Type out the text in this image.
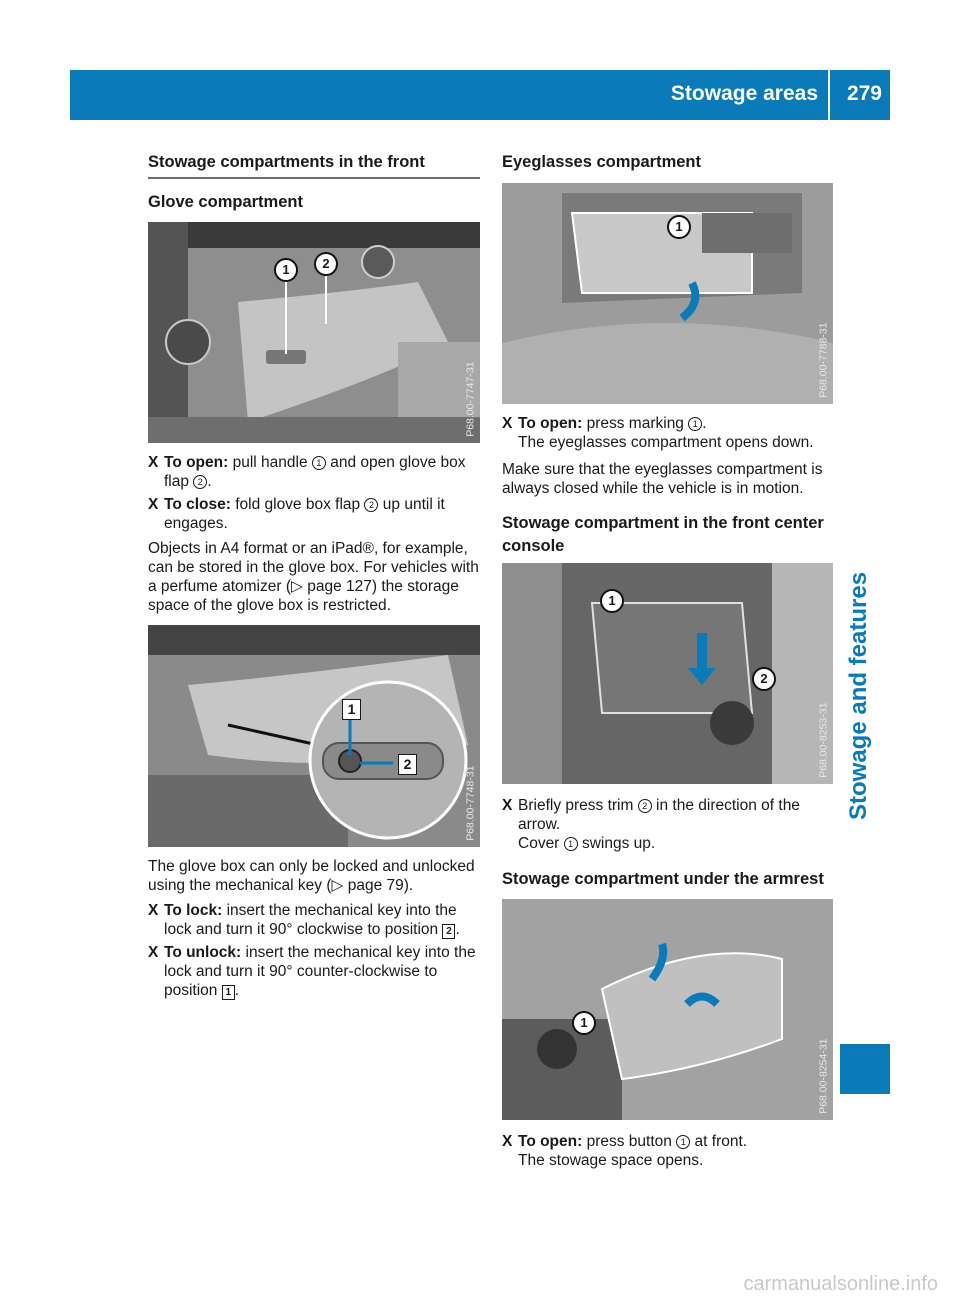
Stowage areas 279
Stowage and features
Stowage compartments in the front
Glove compartment
1	2
P68.00-7747-31
X To open: pull handle 1 and open glove box flap 2 .
X To close: fold glove box flap 2 up until it engages.

Objects in A4 format or an iPad®, for example, can be stored in the glove box. For vehicles with a perfume atomizer (▷ page 127) the storage space of the glove box is restricted.

1
2
P68.00-7748-31

The glove box can only be locked and unlocked using the mechanical key (▷ page 79).

X To lock: insert the mechanical key into the lock and turn it 90° clockwise to position 2 .
X To unlock: insert the mechanical key into the lock and turn it 90° counter-clockwise to position 1 .
Eyeglasses compartment
1
P68.00-7788-31
X To open: press marking 1 .
The eyeglasses compartment opens down.

Make sure that the eyeglasses compartment is always closed while the vehicle is in motion.

Stowage compartment in the front center console
1
2
P68.00-8253-31
X Briefly press trim 2 in the direction of the arrow.
Cover 1 swings up.
Stowage compartment under the armrest
1
P68.00-8254-31
X To open: press button 1 at front.
The stowage space opens.
carmanualsonline.info
